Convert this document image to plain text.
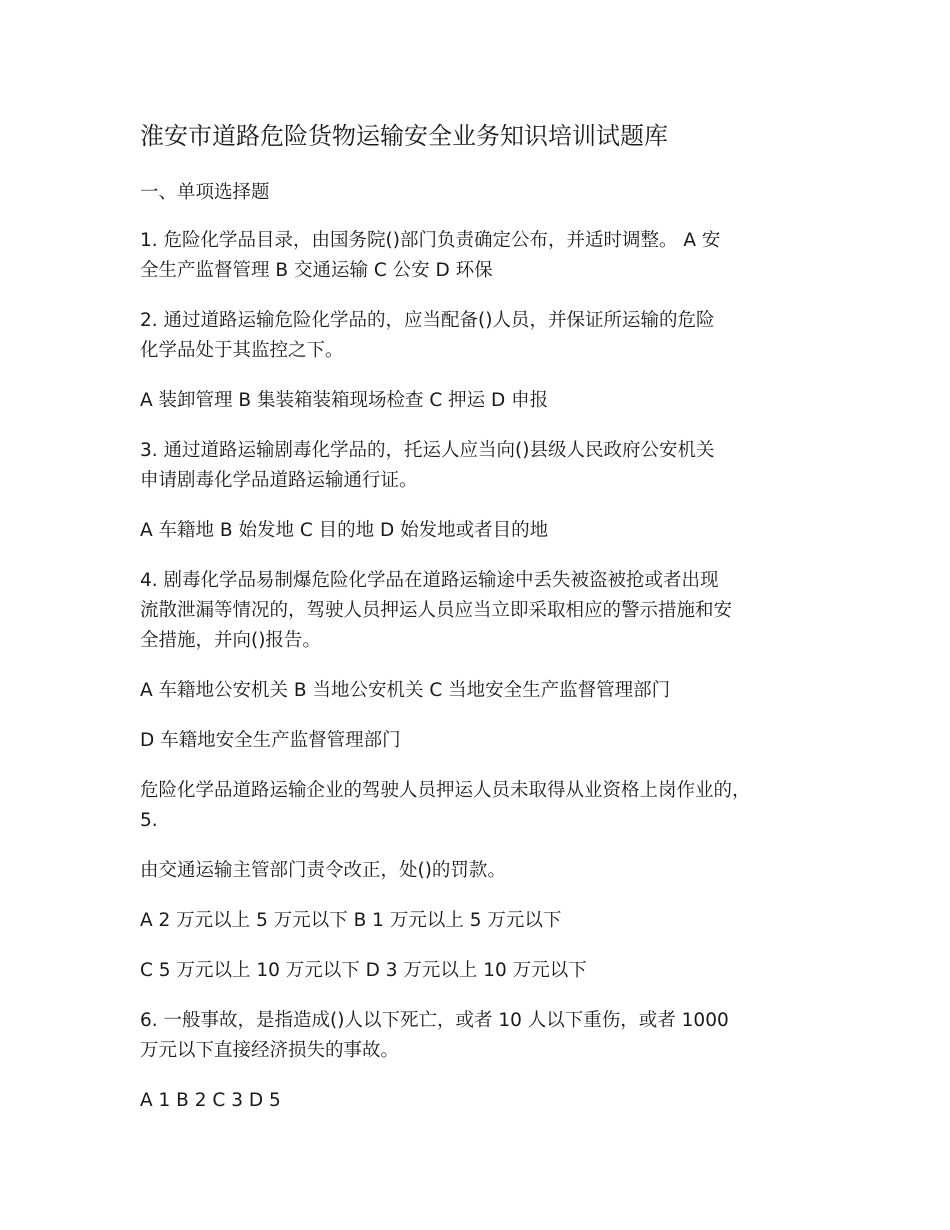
淮安市道路危险货物运输安全业务知识培训试题库
一、单项选择题
1. 危险化学品目录，由国务院()部门负责确定公布，并适时调整。 A 安
全生产监督管理 B 交通运输 C 公安 D 环保
2. 通过道路运输危险化学品的，应当配备()人员，并保证所运输的危险
化学品处于其监控之下。
A 装卸管理 B 集装箱装箱现场检查 C 押运 D 申报
3. 通过道路运输剧毒化学品的，托运人应当向()县级人民政府公安机关
申请剧毒化学品道路运输通行证。
A 车籍地 B 始发地 C 目的地 D 始发地或者目的地
4. 剧毒化学品易制爆危险化学品在道路运输途中丢失被盗被抢或者出现
流散泄漏等情况的，驾驶人员押运人员应当立即采取相应的警示措施和安
全措施，并向()报告。
A 车籍地公安机关 B 当地公安机关 C 当地安全生产监督管理部门
D 车籍地安全生产监督管理部门
危险化学品道路运输企业的驾驶人员押运人员未取得从业资格上岗作业的，
5.
由交通运输主管部门责令改正，处()的罚款。
A 2 万元以上 5 万元以下 B 1 万元以上 5 万元以下
C 5 万元以上 10 万元以下 D 3 万元以上 10 万元以下
6. 一般事故，是指造成()人以下死亡，或者 10 人以下重伤，或者 1000
万元以下直接经济损失的事故。
A 1 B 2 C 3 D 5
